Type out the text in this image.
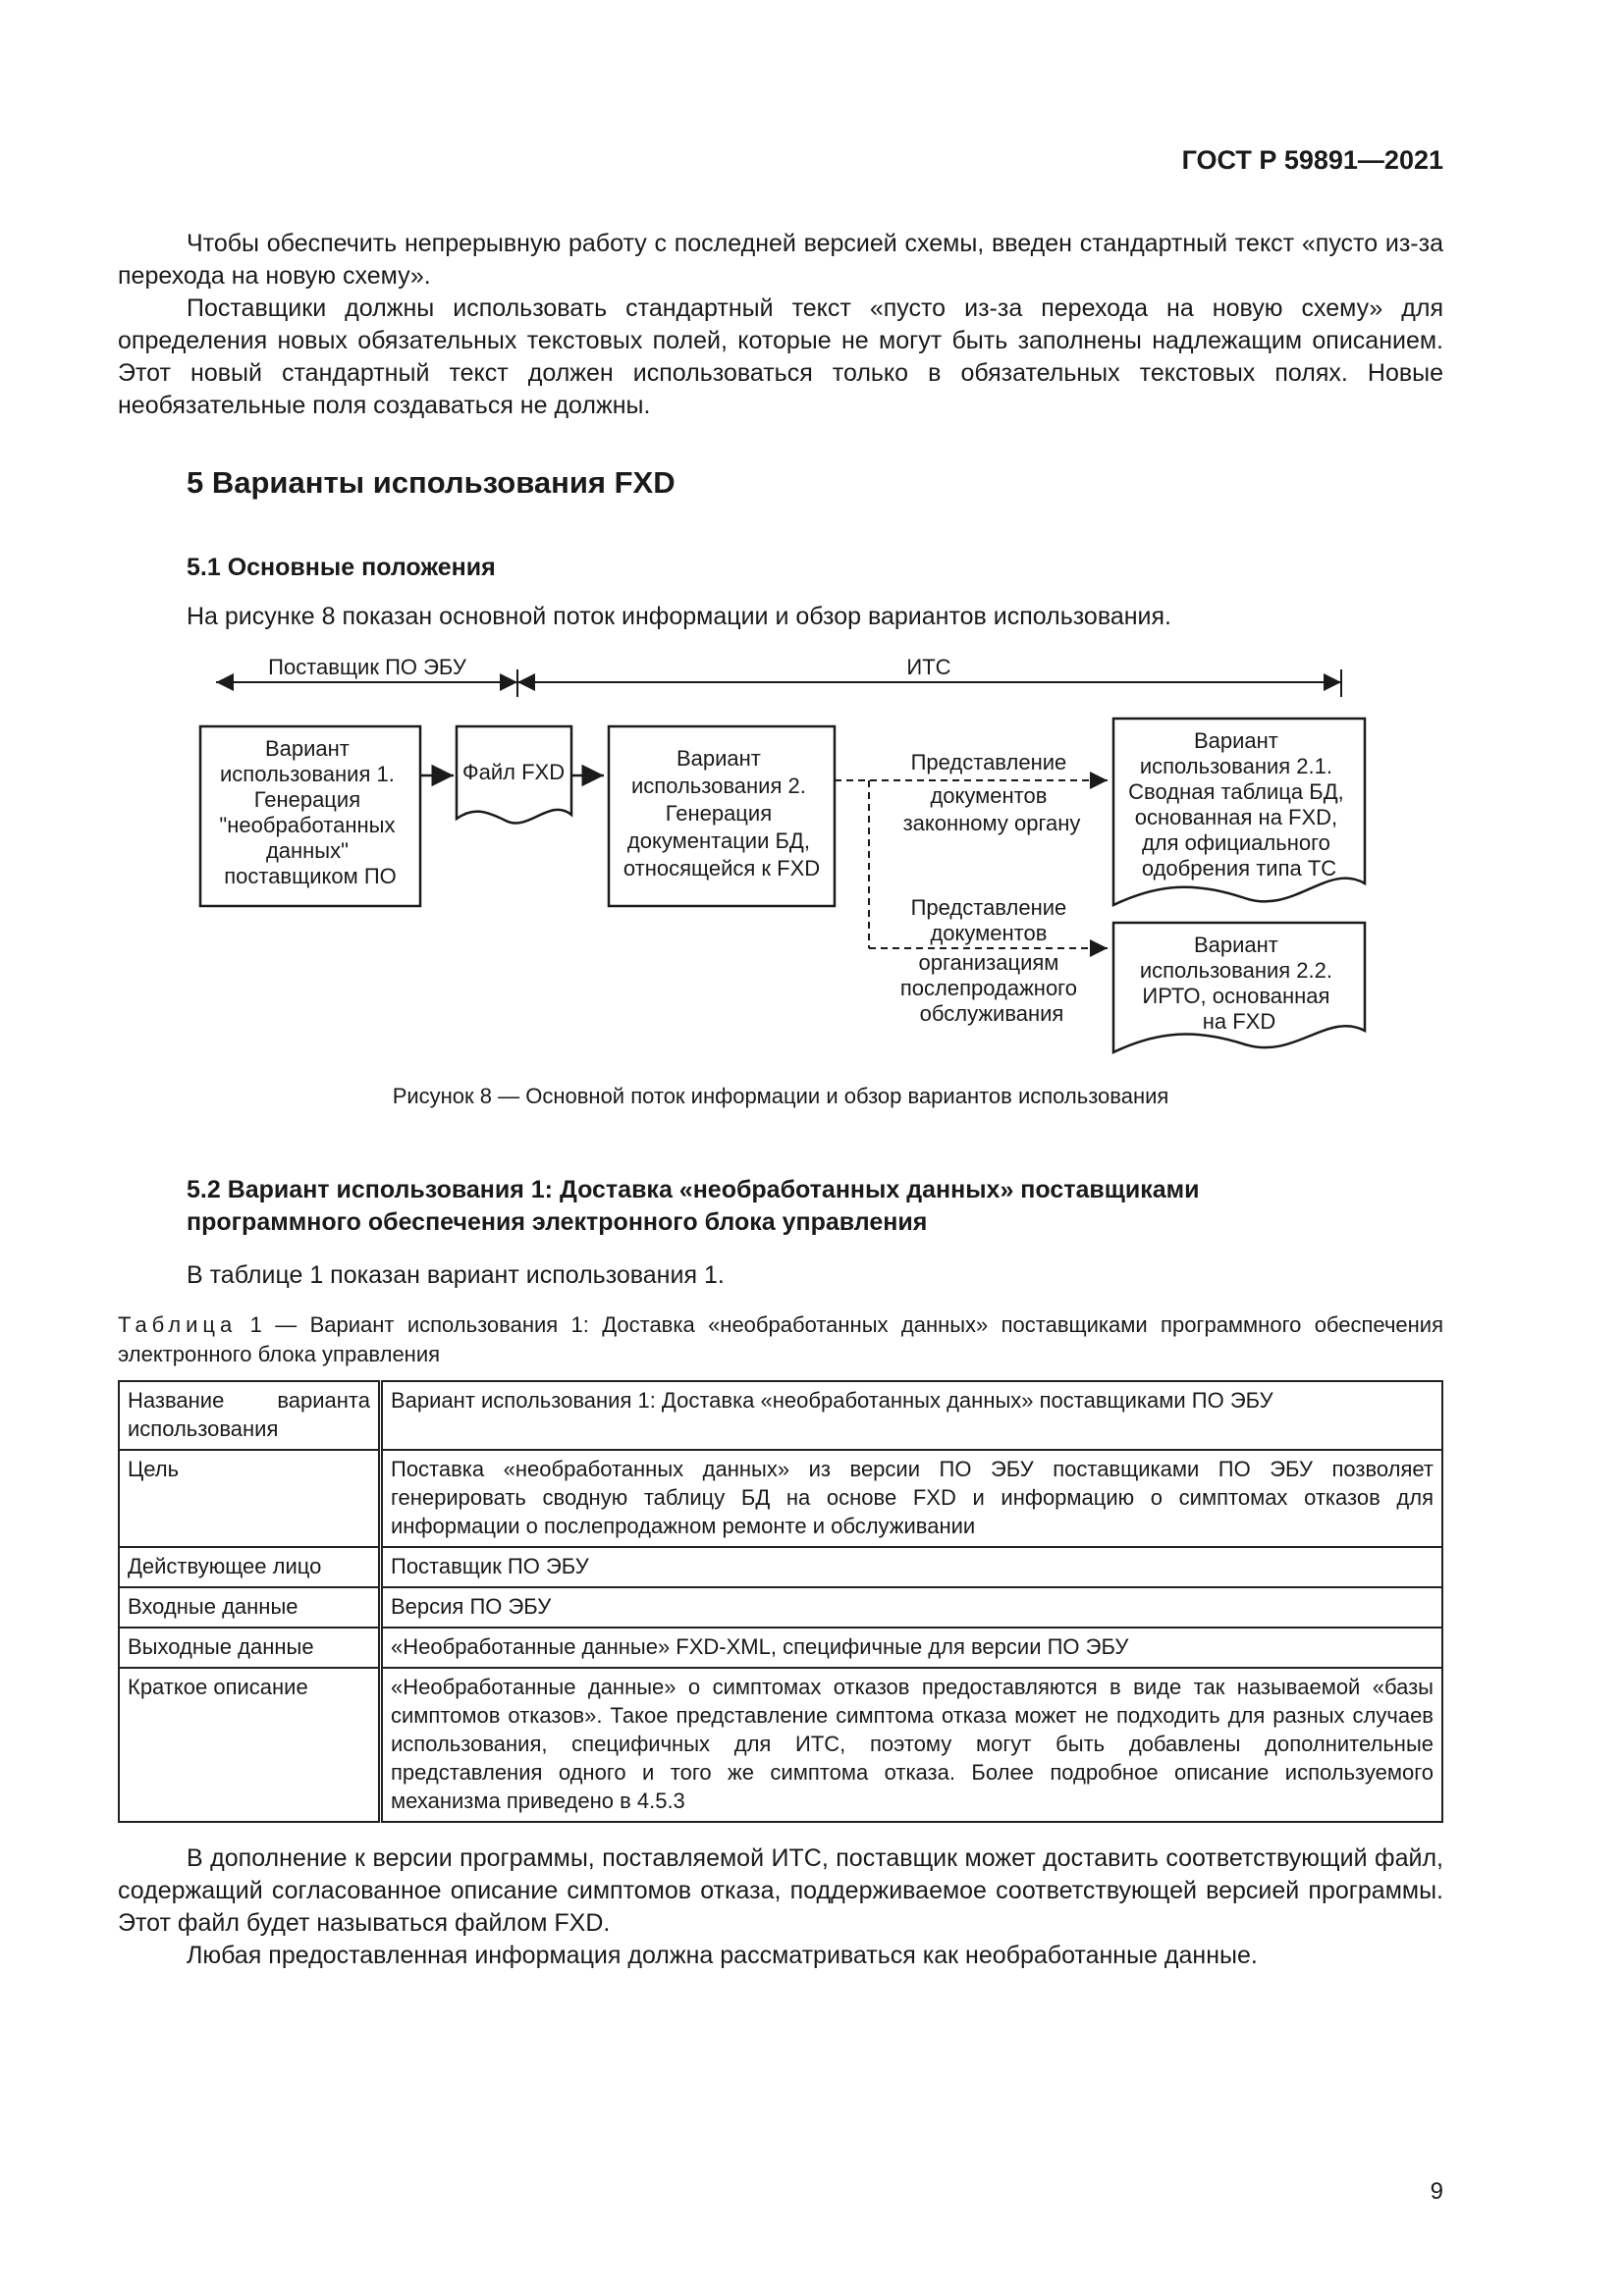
ГОСТ Р 59891—2021

Чтобы обеспечить непрерывную работу с последней версией схемы, введен стандартный текст «пусто из-за перехода на новую схему».

Поставщики должны использовать стандартный текст «пусто из-за перехода на новую схему» для определения новых обязательных текстовых полей, которые не могут быть заполнены надлежащим описанием. Этот новый стандартный текст должен использоваться только в обязательных текстовых полях. Новые необязательные поля создаваться не должны.

5 Варианты использования FXD
5.1 Основные положения

На рисунке 8 показан основной поток информации и обзор вариантов использования.

Поставщик ПО ЭБУ	ИТС
Вариант использования 1. Генерация "необработанных данных" поставщиком ПО
Файл FXD
Вариант использования 2. Генерация документации БД, относящейся к FXD
Представление документов законному органу
Представление документов организациям послепродажного обслуживания
Вариант использования 2.1. Сводная таблица БД, основанная на FXD, для официального одобрения типа ТС
Вариант использования 2.2. ИРТО, основанная на FXD
Рисунок 8 — Основной поток информации и обзор вариантов использования
5.2 Вариант использования 1: Доставка «необработанных данных» поставщиками
программного обеспечения электронного блока управления

В таблице 1 показан вариант использования 1.

Таблица 1 — Вариант использования 1: Доставка «необработанных данных» поставщиками программного обеспечения электронного блока управления
Название варианта использования	Вариант использования 1: Доставка «необработанных данных» поставщиками ПО ЭБУ
Цель	Поставка «необработанных данных» из версии ПО ЭБУ поставщиками ПО ЭБУ позволяет генерировать сводную таблицу БД на основе FXD и информацию о симптомах отказов для информации о послепродажном ремонте и обслуживании
Действующее лицо	Поставщик ПО ЭБУ
Входные данные	Версия ПО ЭБУ
Выходные данные	«Необработанные данные» FXD-XML, специфичные для версии ПО ЭБУ
Краткое описание	«Необработанные данные» о симптомах отказов предоставляются в виде так называемой «базы симптомов отказов». Такое представление симптома отказа может не подходить для разных случаев использования, специфичных для ИТС, поэтому могут быть добавлены дополнительные представления одного и того же симптома отказа. Более подробное описание используемого механизма приведено в 4.5.3

В дополнение к версии программы, поставляемой ИТС, поставщик может доставить соответствующий файл, содержащий согласованное описание симптомов отказа, поддерживаемое соответствующей версией программы. Этот файл будет называться файлом FXD.

Любая предоставленная информация должна рассматриваться как необработанные данные.

9
